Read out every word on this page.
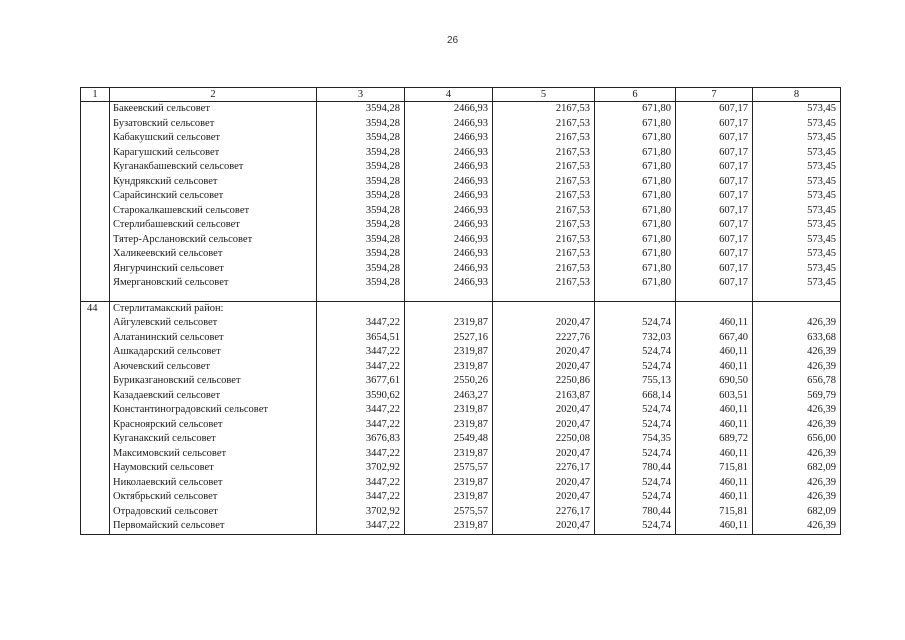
26
1	2	3	4	5	6	7	8
	Бакеевский сельсовет	3594,28	2466,93	2167,53	671,80	607,17	573,45
	Бузатовский сельсовет	3594,28	2466,93	2167,53	671,80	607,17	573,45
	Кабакушский сельсовет	3594,28	2466,93	2167,53	671,80	607,17	573,45
	Карагушский сельсовет	3594,28	2466,93	2167,53	671,80	607,17	573,45
	Куганакбашевский сельсовет	3594,28	2466,93	2167,53	671,80	607,17	573,45
	Кундрякский сельсовет	3594,28	2466,93	2167,53	671,80	607,17	573,45
	Сарайсинский сельсовет	3594,28	2466,93	2167,53	671,80	607,17	573,45
	Старокалкашевский сельсовет	3594,28	2466,93	2167,53	671,80	607,17	573,45
	Стерлибашевский сельсовет	3594,28	2466,93	2167,53	671,80	607,17	573,45
	Тятер-Арслановский сельсовет	3594,28	2466,93	2167,53	671,80	607,17	573,45
	Халикеевский сельсовет	3594,28	2466,93	2167,53	671,80	607,17	573,45
	Янгурчинский сельсовет	3594,28	2466,93	2167,53	671,80	607,17	573,45
	Ямергановский сельсовет	3594,28	2466,93	2167,53	671,80	607,17	573,45

44	Стерлитамакский район:						
	Айгулевский сельсовет	3447,22	2319,87	2020,47	524,74	460,11	426,39
	Алатанинский сельсовет	3654,51	2527,16	2227,76	732,03	667,40	633,68
	Ашкадарский сельсовет	3447,22	2319,87	2020,47	524,74	460,11	426,39
	Аючевский сельсовет	3447,22	2319,87	2020,47	524,74	460,11	426,39
	Буриказгановский сельсовет	3677,61	2550,26	2250,86	755,13	690,50	656,78
	Казадаевский сельсовет	3590,62	2463,27	2163,87	668,14	603,51	569,79
	Константиноградовский сельсовет	3447,22	2319,87	2020,47	524,74	460,11	426,39
	Красноярский сельсовет	3447,22	2319,87	2020,47	524,74	460,11	426,39
	Куганакский сельсовет	3676,83	2549,48	2250,08	754,35	689,72	656,00
	Максимовский сельсовет	3447,22	2319,87	2020,47	524,74	460,11	426,39
	Наумовский сельсовет	3702,92	2575,57	2276,17	780,44	715,81	682,09
	Николаевский сельсовет	3447,22	2319,87	2020,47	524,74	460,11	426,39
	Октябрьский сельсовет	3447,22	2319,87	2020,47	524,74	460,11	426,39
	Отрадовский сельсовет	3702,92	2575,57	2276,17	780,44	715,81	682,09
	Первомайский сельсовет	3447,22	2319,87	2020,47	524,74	460,11	426,39
